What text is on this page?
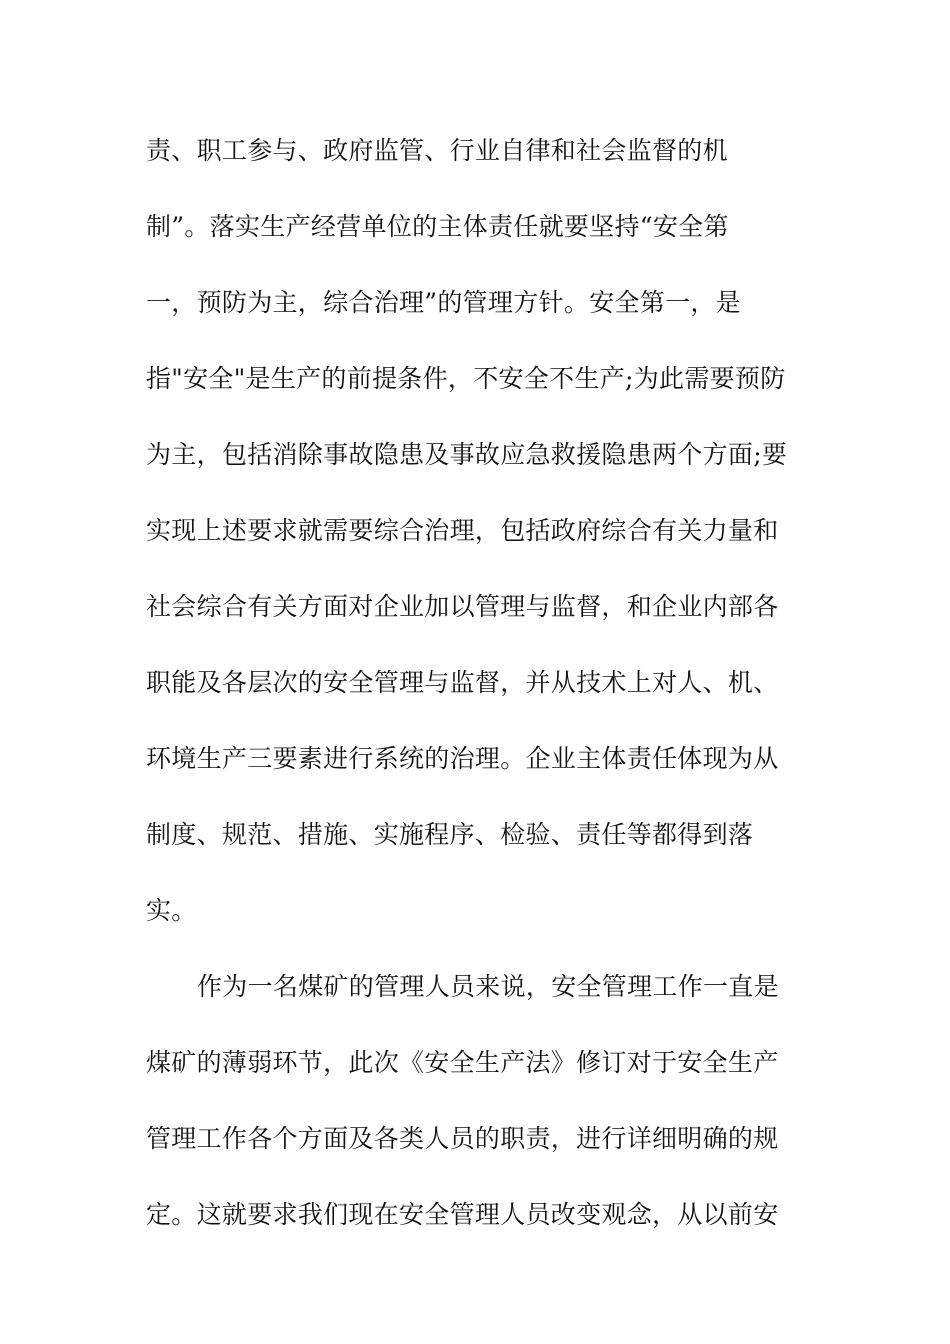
责、职工参与、政府监管、行业自律和社会监督的机
制”。落实生产经营单位的主体责任就要坚持“安全第
一，预防为主，综合治理”的管理方针。安全第一，是
指"安全"是生产的前提条件，不安全不生产;为此需要预防
为主，包括消除事故隐患及事故应急救援隐患两个方面;要
实现上述要求就需要综合治理，包括政府综合有关力量和
社会综合有关方面对企业加以管理与监督，和企业内部各
职能及各层次的安全管理与监督，并从技术上对人、机、
环境生产三要素进行系统的治理。企业主体责任体现为从
制度、规范、措施、实施程序、检验、责任等都得到落
实。
作为一名煤矿的管理人员来说，安全管理工作一直是
煤矿的薄弱环节，此次《安全生产法》修订对于安全生产
管理工作各个方面及各类人员的职责，进行详细明确的规
定。这就要求我们现在安全管理人员改变观念，从以前安
